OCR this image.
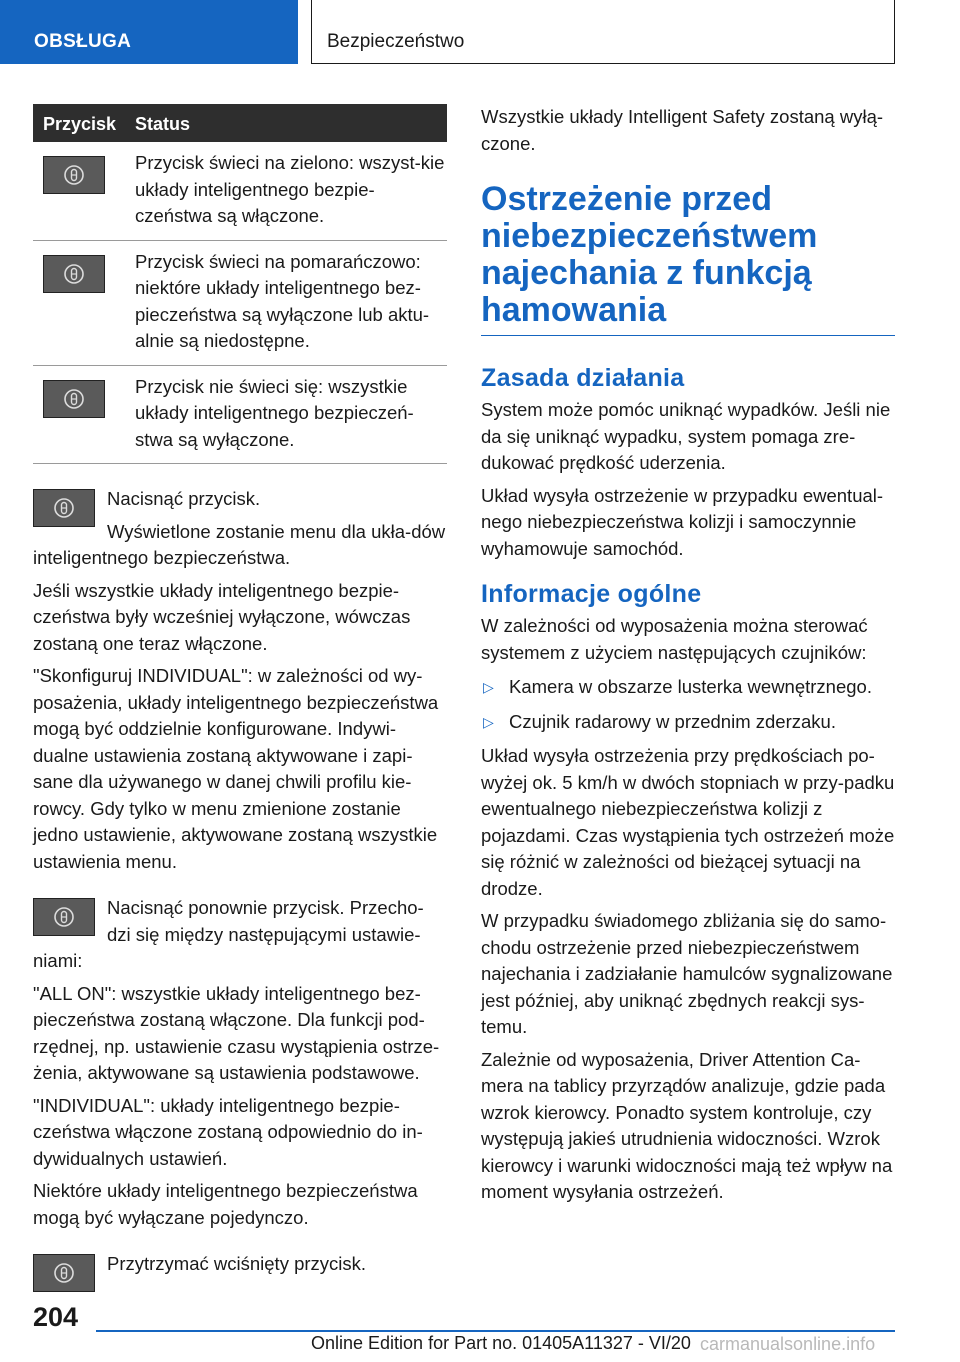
OBSŁUGA	Bezpieczeństwo
Przycisk Status
Przycisk świeci na zielono: wszyst-kie układy inteligentnego bezpie-czeństwa są włączone.
Przycisk świeci na pomarańczowo: niektóre układy inteligentnego bez-pieczeństwa są wyłączone lub aktu-alnie są niedostępne.
Przycisk nie świeci się: wszystkie układy inteligentnego bezpieczeń-stwa są wyłączone.

Nacisnąć przycisk.

Wyświetlone zostanie menu dla ukła-dów inteligentnego bezpieczeństwa.

Jeśli wszystkie układy inteligentnego bezpie-czeństwa były wcześniej wyłączone, wówczas zostaną one teraz włączone.

"Skonfiguruj INDIVIDUAL": w zależności od wy-posażenia, układy inteligentnego bezpieczeństwa mogą być oddzielnie konfigurowane. Indywi-dualne ustawienia zostaną aktywowane i zapi-sane dla używanego w danej chwili profilu kie-rowcy. Gdy tylko w menu zmienione zostanie jedno ustawienie, aktywowane zostaną wszystkie ustawienia menu.

Nacisnąć ponownie przycisk. Przecho-dzi się między następującymi ustawie-niami:

"ALL ON": wszystkie układy inteligentnego bez-pieczeństwa zostaną włączone. Dla funkcji pod-rzędnej, np. ustawienie czasu wystąpienia ostrze-żenia, aktywowane są ustawienia podstawowe.

"INDIVIDUAL": układy inteligentnego bezpie-czeństwa włączone zostaną odpowiednio do in-dywidualnych ustawień.

Niektóre układy inteligentnego bezpieczeństwa mogą być wyłączane pojedynczo.

Przytrzymać wciśnięty przycisk.

Wszystkie układy Intelligent Safety zostaną wyłą-czone.

Ostrzeżenie przed niebezpieczeństwem najechania z funkcją hamowania
Zasada działania

System może pomóc uniknąć wypadków. Jeśli nie da się uniknąć wypadku, system pomaga zre-dukować prędkość uderzenia.

Układ wysyła ostrzeżenie w przypadku ewentual-nego niebezpieczeństwa kolizji i samoczynnie wyhamowuje samochód.

Informacje ogólne

W zależności od wyposażenia można sterować systemem z użyciem następujących czujników:

▷ Kamera w obszarze lusterka wewnętrznego.
▷ Czujnik radarowy w przednim zderzaku.

Układ wysyła ostrzeżenia przy prędkościach po-wyżej ok. 5 km/h w dwóch stopniach w przy-padku ewentualnego niebezpieczeństwa kolizji z pojazdami. Czas wystąpienia tych ostrzeżeń może się różnić w zależności od bieżącej sytuacji na drodze.

W przypadku świadomego zbliżania się do samo-chodu ostrzeżenie przed niebezpieczeństwem najechania i zadziałanie hamulców sygnalizowane jest później, aby uniknąć zbędnych reakcji sys-temu.

Zależnie od wyposażenia, Driver Attention Ca-mera na tablicy przyrządów analizuje, gdzie pada wzrok kierowcy. Ponadto system kontroluje, czy występują jakieś utrudnienia widoczności. Wzrok kierowcy i warunki widoczności mają też wpływ na moment wysyłania ostrzeżeń.

204
Online Edition for Part no. 01405A11327 - VI/20 carmanualsonline.info
